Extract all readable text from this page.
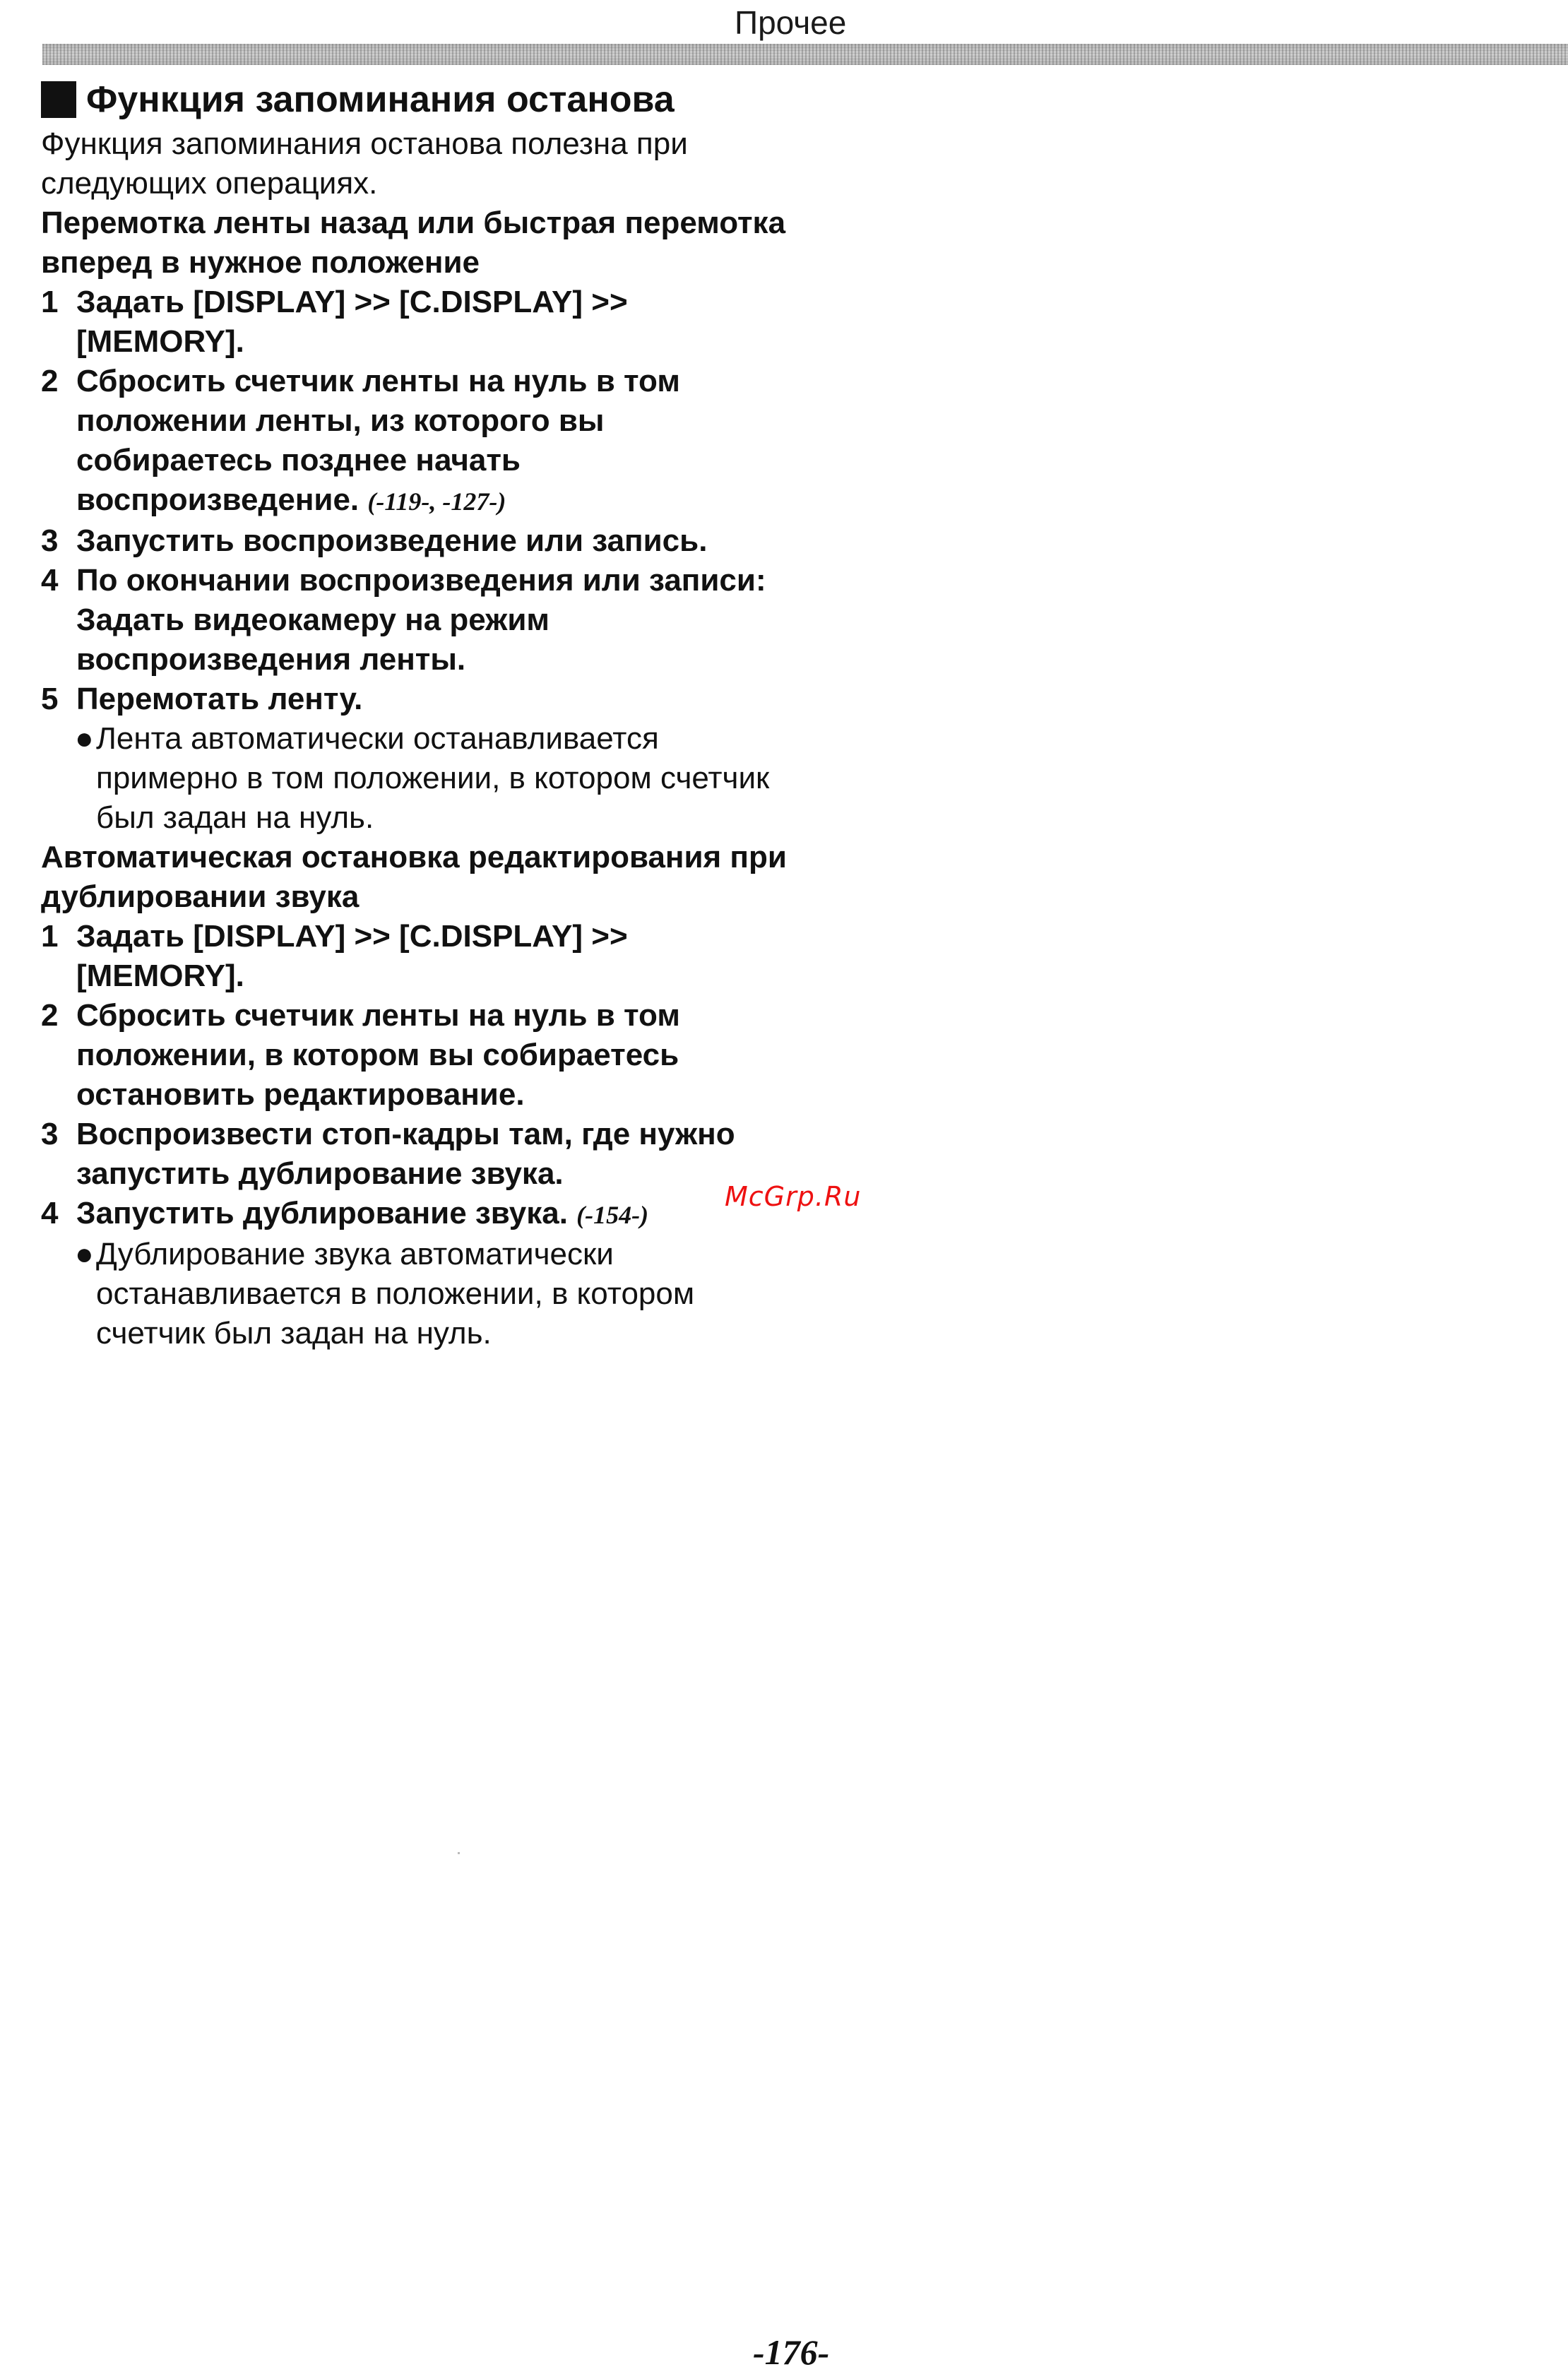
Прочее
Функция запоминания останова
Функция запоминания останова полезна при следующих операциях.
Перемотка ленты назад или быстрая перемотка вперед в нужное положение
1 Задать [DISPLAY] >> [C.DISPLAY] >> [MEMORY].
2 Сбросить счетчик ленты на нуль в том положении ленты, из которого вы собираетесь позднее начать воспроизведение. (-119-, -127-)
3 Запустить воспроизведение или запись.
4 По окончании воспроизведения или записи:
Задать видеокамеру на режим воспроизведения ленты.
5 Перемотать ленту.
● Лента автоматически останавливается примерно в том положении, в котором счетчик был задан на нуль.
Автоматическая остановка редактирования при дублировании звука
1 Задать [DISPLAY] >> [C.DISPLAY] >> [MEMORY].
2 Сбросить счетчик ленты на нуль в том положении, в котором вы собираетесь остановить редактирование.
3 Воспроизвести стоп-кадры там, где нужно запустить дублирование звука.
4 Запустить дублирование звука. (-154-)
● Дублирование звука автоматически останавливается в положении, в котором счетчик был задан на нуль.
McGrp.Ru
-176-
